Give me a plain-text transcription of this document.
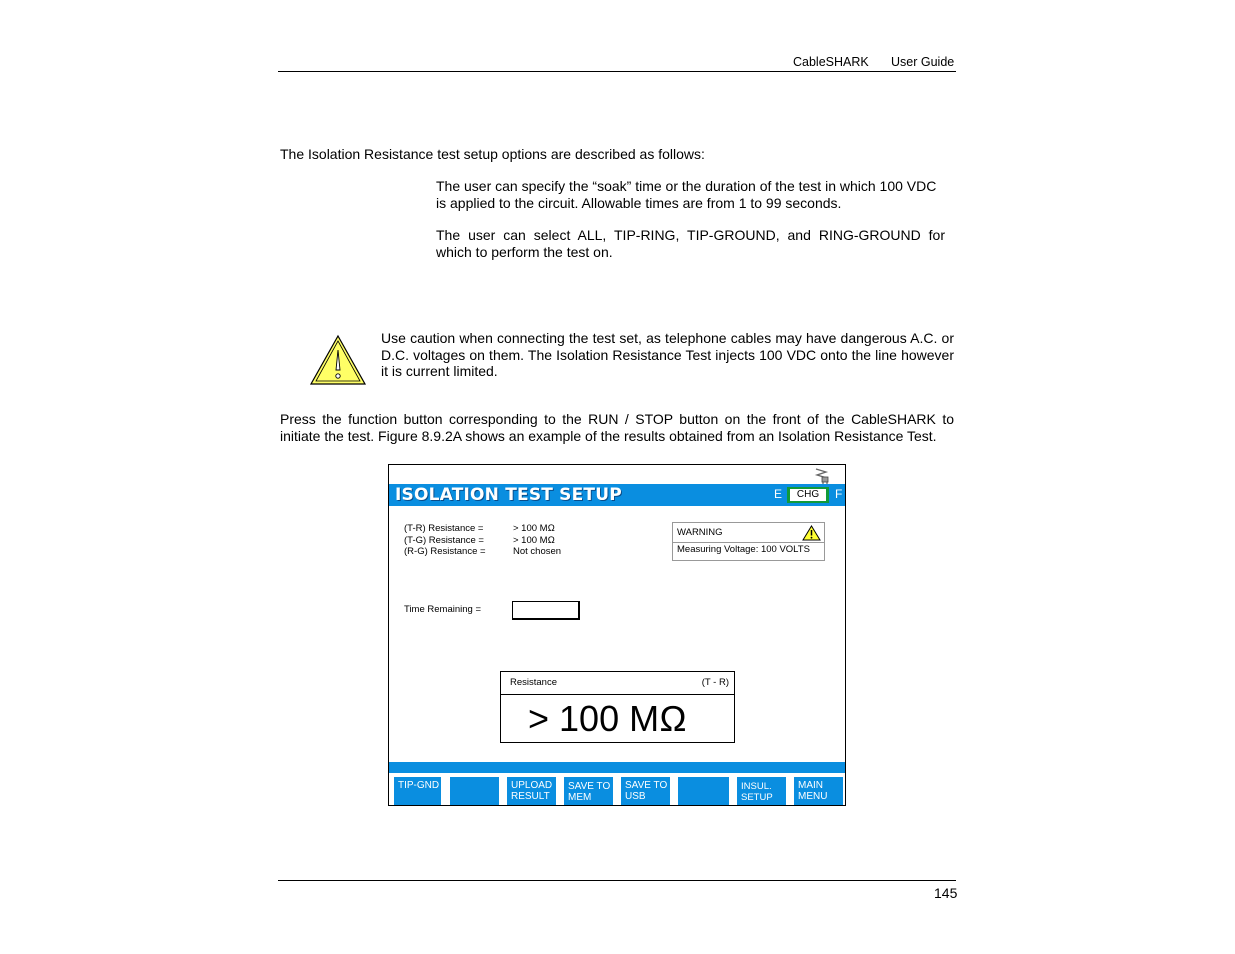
CableSHARK User Guide
The Isolation Resistance test setup options are described as follows:
The user can specify the “soak” time or the duration of the test in which 100 VDC is applied to the circuit. Allowable times are from 1 to 99 seconds.
The user can select ALL, TIP-RING, TIP-GROUND, and RING-GROUND for which to perform the test on.
Use caution when connecting the test set, as telephone cables may have dangerous A.C. or D.C. voltages on them. The Isolation Resistance Test injects 100 VDC onto the line however it is current limited.
Press the function button corresponding to the RUN / STOP button on the front of the CableSHARK to initiate the test. Figure 8.9.2A shows an example of the results obtained from an Isolation Resistance Test.
ISOLATION TEST SETUP	E	CHG	F
(T-R) Resistance =	> 100 MΩ
(T-G) Resistance =	> 100 MΩ
(R-G) Resistance =	Not chosen
WARNING
Measuring Voltage: 100 VOLTS
Time Remaining =
Resistance	(T - R)
> 100 MΩ
TIP-GND	UPLOAD
RESULT
SAVE TO
MEM
SAVE TO
USB
INSUL.
SETUP
MAIN
MENU
145
